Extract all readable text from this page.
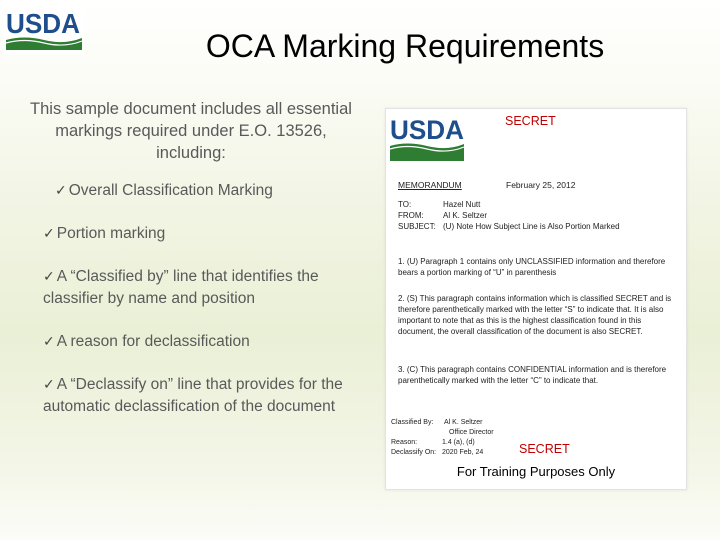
USDA
OCA Marking Requirements
This sample document includes all essential markings required under E.O. 13526, including:
✓ Overall Classification Marking
✓ Portion marking
✓ A “Classified by” line that identifies the classifier by name and position
✓ A reason for declassification
✓ A “Declassify on” line that provides for the automatic declassification of the document
USDA	SECRET
MEMORANDUM	February 25, 2012
TO:	Hazel Nutt
FROM: Al K. Seltzer
SUBJECT: (U) Note How Subject Line is Also Portion Marked
1. (U) Paragraph 1 contains only UNCLASSIFIED information and therefore bears a portion marking of “U” in parenthesis
2. (S) This paragraph contains information which is classified SECRET and is therefore parenthetically marked with the letter “S” to indicate that. It is also important to note that as this is the highest classification found in this document, the overall classification of the document is also SECRET.
3. (C) This paragraph contains CONFIDENTIAL information and is therefore parenthetically marked with the letter “C” to indicate that.
Classified By: Al K. Seltzer
Office Director
Reason:	1.4 (a), (d)
Declassify On: 2020 Feb, 24	SECRET
For Training Purposes Only
